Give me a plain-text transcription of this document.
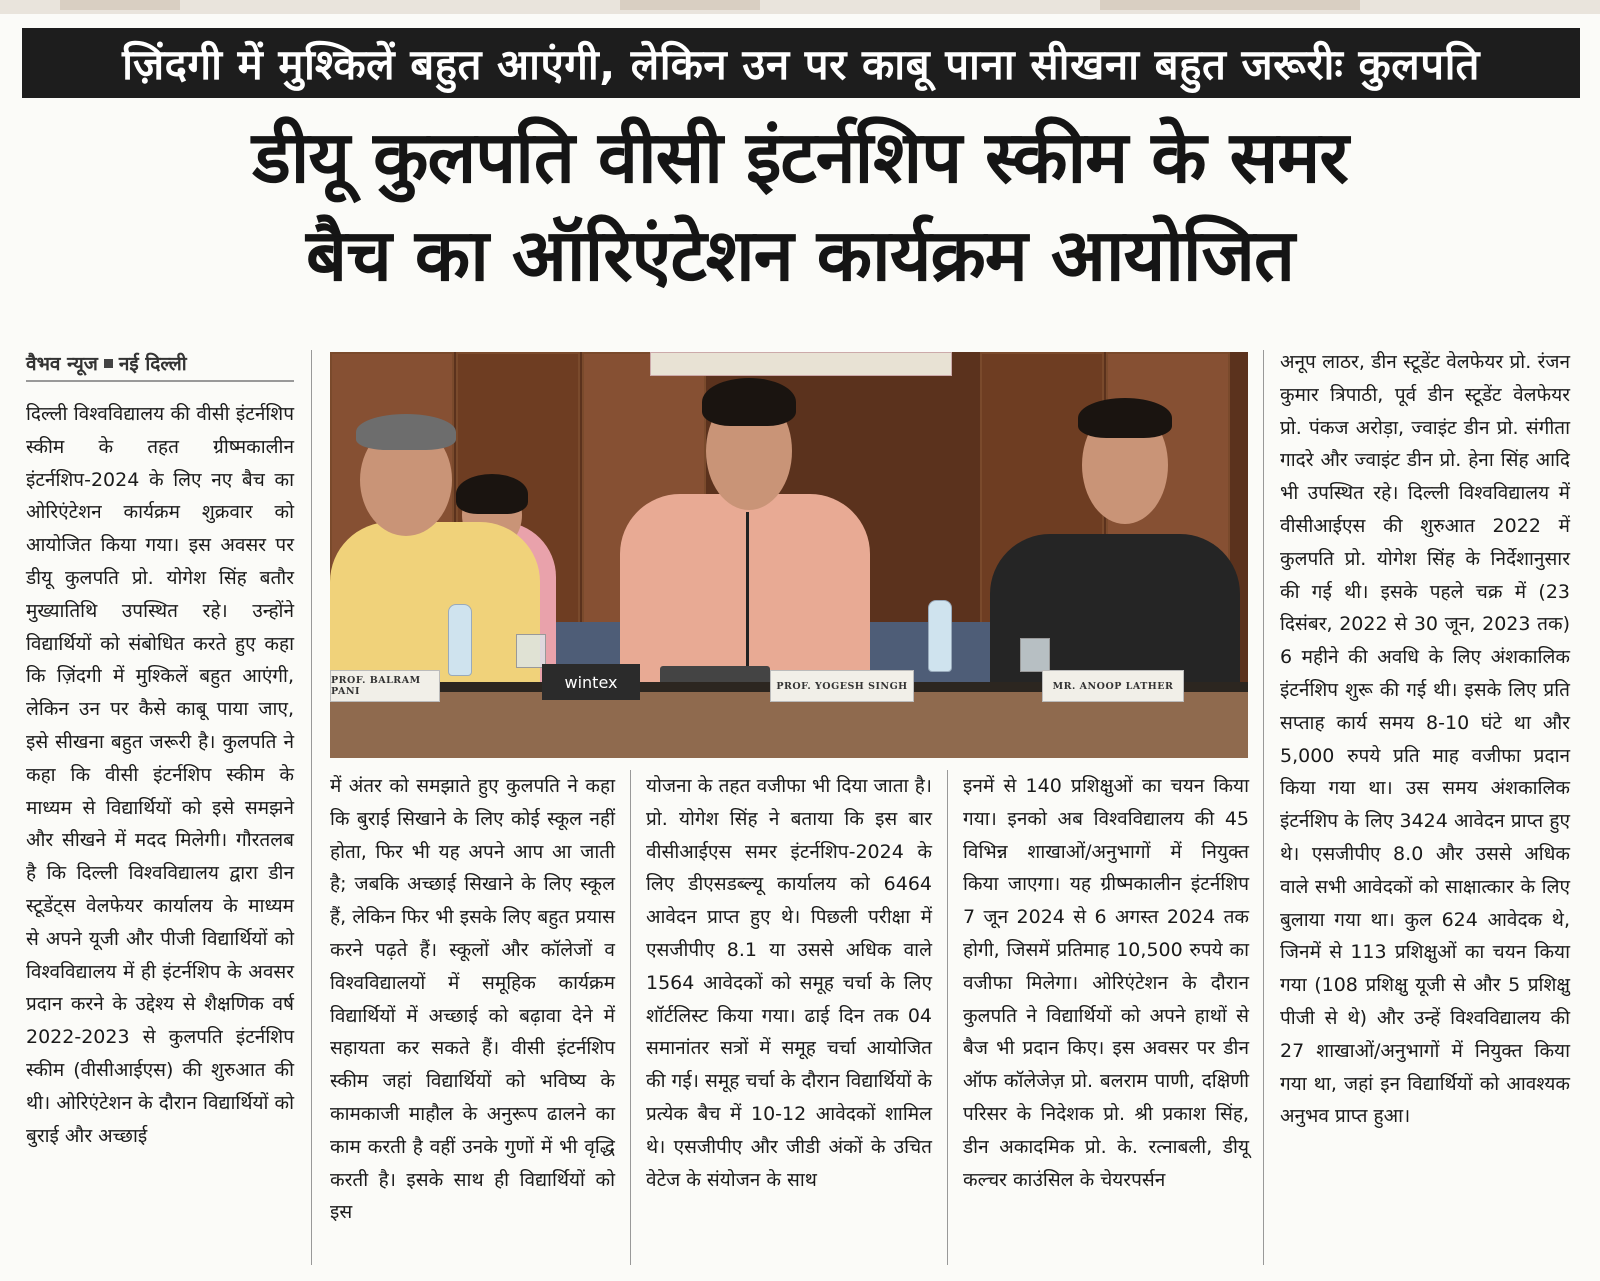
ज़िंदगी में मुश्किलें बहुत आएंगी, लेकिन उन पर काबू पाना सीखना बहुत जरूरीः कुलपति
डीयू कुलपति वीसी इंटर्नशिप स्कीम के समर
बैच का ऑरिएंटेशन कार्यक्रम आयोजित
वैभव न्यूज नई दिल्ली

दिल्ली विश्वविद्यालय की वीसी इंटर्नशिप स्कीम के तहत ग्रीष्मकालीन इंटर्नशिप-2024 के लिए नए बैच का ओरिएंटेशन कार्यक्रम शुक्रवार को आयोजित किया गया। इस अवसर पर डीयू कुलपति प्रो. योगेश सिंह बतौर मुख्यातिथि उपस्थित रहे। उन्होंने विद्यार्थियों को संबोधित करते हुए कहा कि ज़िंदगी में मुश्किलें बहुत आएंगी, लेकिन उन पर कैसे काबू पाया जाए, इसे सीखना बहुत जरूरी है। कुलपति ने कहा कि वीसी इंटर्नशिप स्कीम के माध्यम से विद्यार्थियों को इसे समझने और सीखने में मदद मिलेगी। गौरतलब है कि दिल्ली विश्वविद्यालय द्वारा डीन स्टूडेंट्स वेलफेयर कार्यालय के माध्यम से अपने यूजी और पीजी विद्यार्थियों को विश्वविद्यालय में ही इंटर्नशिप के अवसर प्रदान करने के उद्देश्य से शैक्षणिक वर्ष 2022-2023 से कुलपति इंटर्नशिप स्कीम (वीसीआईएस) की शुरुआत की थी। ओरिएंटेशन के दौरान विद्यार्थियों को बुराई और अच्छाई

PROF. BALRAM PANI	wintex	PROF. YOGESH SINGH	MR. ANOOP LATHER

में अंतर को समझाते हुए कुलपति ने कहा कि बुराई सिखाने के लिए कोई स्कूल नहीं होता, फिर भी यह अपने आप आ जाती है; जबकि अच्छाई सिखाने के लिए स्कूल हैं, लेकिन फिर भी इसके लिए बहुत प्रयास करने पढ़ते हैं। स्कूलों और कॉलेजों व विश्वविद्यालयों में समूहिक कार्यक्रम विद्यार्थियों में अच्छाई को बढ़ावा देने में सहायता कर सकते हैं। वीसी इंटर्नशिप स्कीम जहां विद्यार्थियों को भविष्य के कामकाजी माहौल के अनुरूप ढालने का काम करती है वहीं उनके गुणों में भी वृद्धि करती है। इसके साथ ही विद्यार्थियों को इस

योजना के तहत वजीफा भी दिया जाता है। प्रो. योगेश सिंह ने बताया कि इस बार वीसीआईएस समर इंटर्नशिप-2024 के लिए डीएसडब्ल्यू कार्यालय को 6464 आवेदन प्राप्त हुए थे। पिछली परीक्षा में एसजीपीए 8.1 या उससे अधिक वाले 1564 आवेदकों को समूह चर्चा के लिए शॉर्टलिस्ट किया गया। ढाई दिन तक 04 समानांतर सत्रों में समूह चर्चा आयोजित की गई। समूह चर्चा के दौरान विद्यार्थियों के प्रत्येक बैच में 10-12 आवेदकों शामिल थे। एसजीपीए और जीडी अंकों के उचित वेटेज के संयोजन के साथ

इनमें से 140 प्रशिक्षुओं का चयन किया गया। इनको अब विश्वविद्यालय की 45 विभिन्न शाखाओं/अनुभागों में नियुक्त किया जाएगा। यह ग्रीष्मकालीन इंटर्नशिप 7 जून 2024 से 6 अगस्त 2024 तक होगी, जिसमें प्रतिमाह 10,500 रुपये का वजीफा मिलेगा। ओरिएंटेशन के दौरान कुलपति ने विद्यार्थियों को अपने हाथों से बैज भी प्रदान किए। इस अवसर पर डीन ऑफ कॉलेजेज़ प्रो. बलराम पाणी, दक्षिणी परिसर के निदेशक प्रो. श्री प्रकाश सिंह, डीन अकादमिक प्रो. के. रत्नाबली, डीयू कल्चर काउंसिल के चेयरपर्सन

अनूप लाठर, डीन स्टूडेंट वेलफेयर प्रो. रंजन कुमार त्रिपाठी, पूर्व डीन स्टूडेंट वेलफेयर प्रो. पंकज अरोड़ा, ज्वाइंट डीन प्रो. संगीता गादरे और ज्वाइंट डीन प्रो. हेना सिंह आदि भी उपस्थित रहे। दिल्ली विश्वविद्यालय में वीसीआईएस की शुरुआत 2022 में कुलपति प्रो. योगेश सिंह के निर्देशानुसार की गई थी। इसके पहले चक्र में (23 दिसंबर, 2022 से 30 जून, 2023 तक) 6 महीने की अवधि के लिए अंशकालिक इंटर्नशिप शुरू की गई थी। इसके लिए प्रति सप्ताह कार्य समय 8-10 घंटे था और 5,000 रुपये प्रति माह वजीफा प्रदान किया गया था। उस समय अंशकालिक इंटर्नशिप के लिए 3424 आवेदन प्राप्त हुए थे। एसजीपीए 8.0 और उससे अधिक वाले सभी आवेदकों को साक्षात्कार के लिए बुलाया गया था। कुल 624 आवेदक थे, जिनमें से 113 प्रशिक्षुओं का चयन किया गया (108 प्रशिक्षु यूजी से और 5 प्रशिक्षु पीजी से थे) और उन्हें विश्वविद्यालय की 27 शाखाओं/अनुभागों में नियुक्त किया गया था, जहां इन विद्यार्थियों को आवश्यक अनुभव प्राप्त हुआ।
